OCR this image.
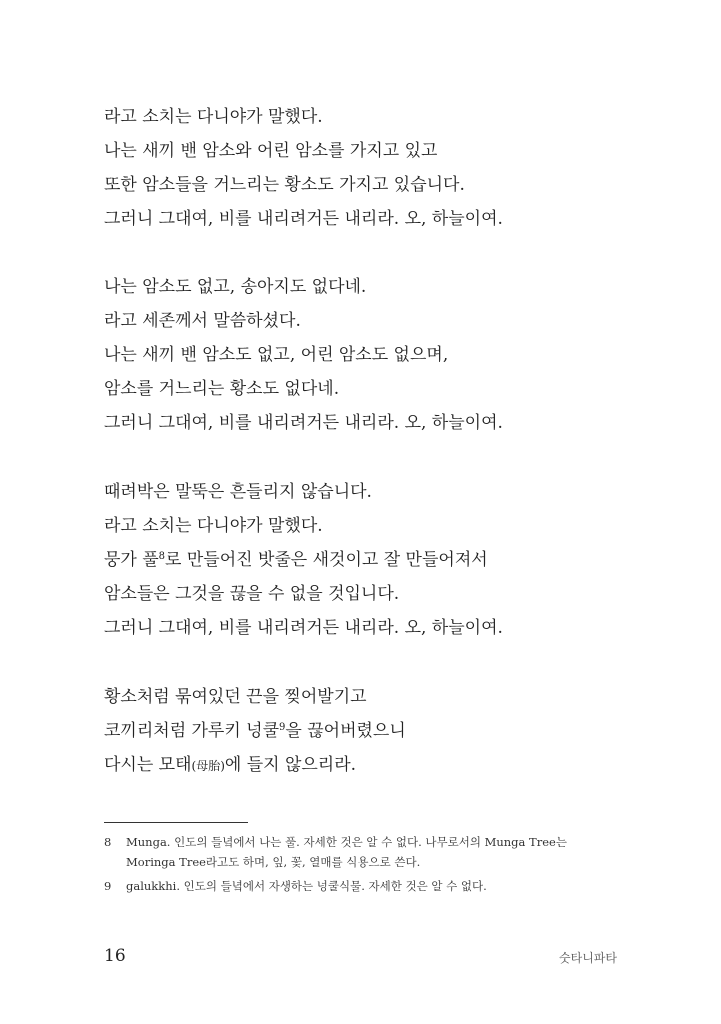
라고 소치는 다니야가 말했다.
나는 새끼 밴 암소와 어린 암소를 가지고 있고
또한 암소들을 거느리는 황소도 가지고 있습니다.
그러니 그대여, 비를 내리려거든 내리라. 오, 하늘이여.
나는 암소도 없고, 송아지도 없다네.
라고 세존께서 말씀하셨다.
나는 새끼 밴 암소도 없고, 어린 암소도 없으며,
암소를 거느리는 황소도 없다네.
그러니 그대여, 비를 내리려거든 내리라. 오, 하늘이여.
때려박은 말뚝은 흔들리지 않습니다.
라고 소치는 다니야가 말했다.
뭉가 풀$^8$로 만들어진 밧줄은 새것이고 잘 만들어져서
암소들은 그것을 끊을 수 없을 것입니다.
그러니 그대여, 비를 내리려거든 내리라. 오, 하늘이여.
황소처럼 묶여있던 끈을 찢어발기고
코끼리처럼 가루키 넝쿨$^9$을 끊어버렸으니
다시는 모태(母胎)에 들지 않으리라.
8 Munga. 인도의 들녘에서 나는 풀. 자세한 것은 알 수 없다. 나무로서의 Munga Tree는
Moringa Tree라고도 하며, 잎, 꽃, 열매를 식용으로 쓴다.
9 galukkhi. 인도의 들녘에서 자생하는 넝쿨식물. 자세한 것은 알 수 없다.
16	숫타니파타
